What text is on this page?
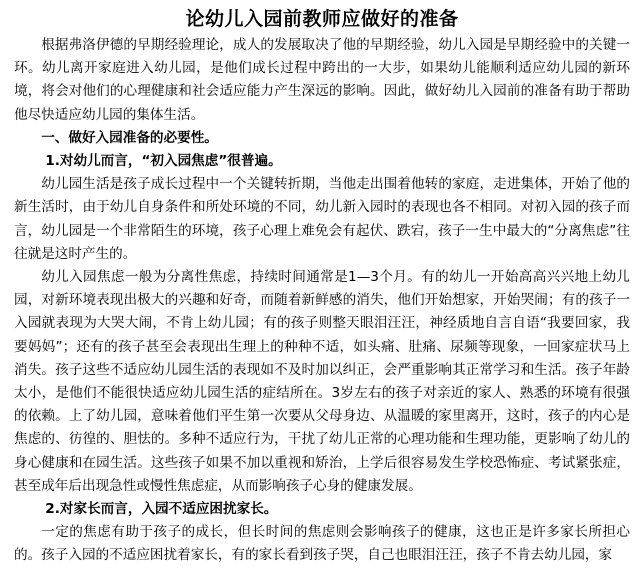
论幼儿入园前教师应做好的准备

根据弗洛伊德的早期经验理论，成人的发展取决了他的早期经验，幼儿入园是早期经验中的关键一环。幼儿离开家庭进入幼儿园，是他们成长过程中跨出的一大步，如果幼儿能顺利适应幼儿园的新环境，将会对他们的心理健康和社会适应能力产生深远的影响。因此，做好幼儿入园前的准备有助于帮助他尽快适应幼儿园的集体生活。

一、做好入园准备的必要性。

1.对幼儿而言，“初入园焦虑”很普遍。

幼儿园生活是孩子成长过程中一个关键转折期，当他走出围着他转的家庭，走进集体，开始了他的新生活时，由于幼儿自身条件和所处环境的不同，幼儿新入园时的表现也各不相同。对初入园的孩子而言，幼儿园是一个非常陌生的环境，孩子心理上难免会有起伏、跌宕，孩子一生中最大的“分离焦虑”往往就是这时产生的。

幼儿入园焦虑一般为分离性焦虑，持续时间通常是1—3个月。有的幼儿一开始高高兴兴地上幼儿园，对新环境表现出极大的兴趣和好奇，而随着新鲜感的消失，他们开始想家，开始哭闹；有的孩子一入园就表现为大哭大闹，不肯上幼儿园；有的孩子则整天眼泪汪汪，神经质地自言自语“我要回家，我要妈妈”；还有的孩子甚至会表现出生理上的种种不适，如头痛、肚痛、尿频等现象，一回家症状马上消失。孩子这些不适应幼儿园生活的表现如不及时加以纠正，会严重影响其正常学习和生活。孩子年龄太小，是他们不能很快适应幼儿园生活的症结所在。3岁左右的孩子对亲近的家人、熟悉的环境有很强的依赖。上了幼儿园，意味着他们平生第一次要从父母身边、从温暖的家里离开，这时，孩子的内心是焦虑的、彷徨的、胆怯的。多种不适应行为，干扰了幼儿正常的心理功能和生理功能，更影响了幼儿的身心健康和在园生活。这些孩子如果不加以重视和矫治，上学后很容易发生学校恐怖症、考试紧张症，甚至成年后出现急性或慢性焦虑症，从而影响孩子心身的健康发展。

2.对家长而言，入园不适应困扰家长。

一定的焦虑有助于孩子的成长，但长时间的焦虑则会影响孩子的健康，这也正是许多家长所担心的。孩子入园的不适应困扰着家长，有的家长看到孩子哭，自己也眼泪汪汪，孩子不肯去幼儿园，家
